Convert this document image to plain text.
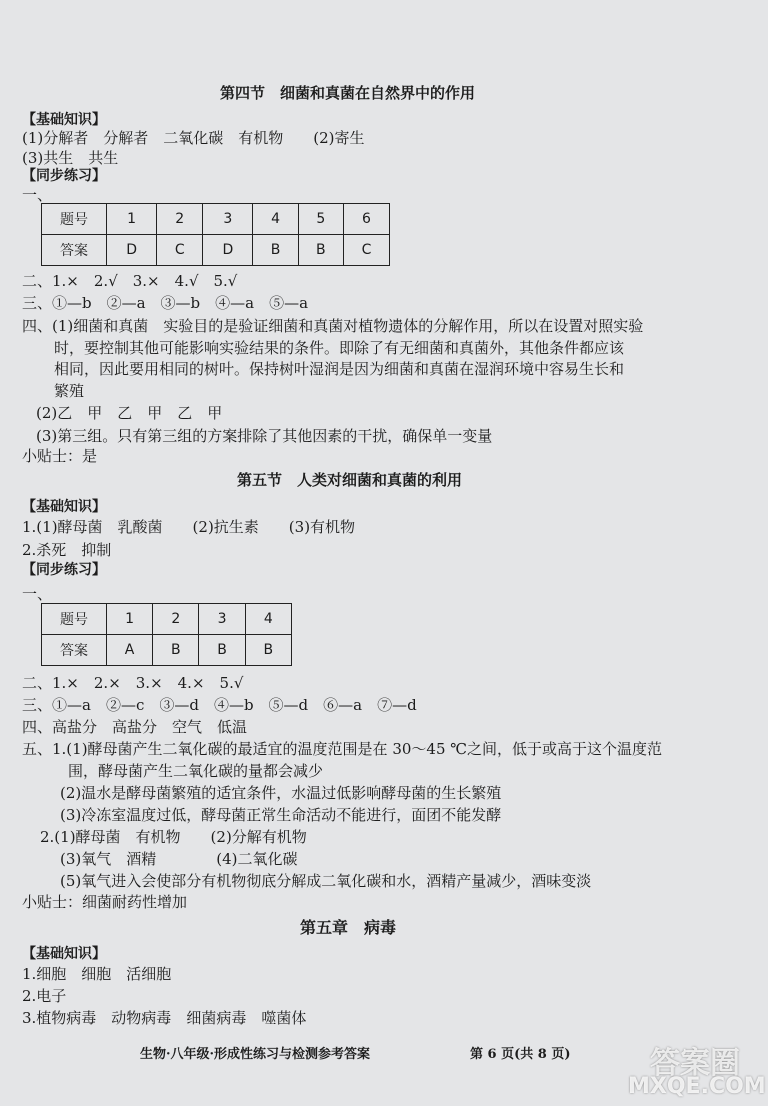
第四节　细菌和真菌在自然界中的作用
【基础知识】
(1)分解者　分解者　二氧化碳　有机物　　(2)寄生
(3)共生　共生
【同步练习】
一、
题号	1	2	3	4	5	6
答案	D	C	D	B	B	C
二、1.×　2.√　3.×　4.√　5.√
三、①—b　②—a　③—b　④—a　⑤—a
四、(1)细菌和真菌　实验目的是验证细菌和真菌对植物遗体的分解作用，所以在设置对照实验
时，要控制其他可能影响实验结果的条件。即除了有无细菌和真菌外，其他条件都应该
相同，因此要用相同的树叶。保持树叶湿润是因为细菌和真菌在湿润环境中容易生长和
繁殖
(2)乙　甲　乙　甲　乙　甲
(3)第三组。只有第三组的方案排除了其他因素的干扰，确保单一变量
小贴士：是
第五节　人类对细菌和真菌的利用
【基础知识】
1.(1)酵母菌　乳酸菌　　(2)抗生素　　(3)有机物
2.杀死　抑制
【同步练习】
一、
题号	1	2	3	4
答案	A	B	B	B
二、1.×　2.×　3.×　4.×　5.√
三、①—a　②—c　③—d　④—b　⑤—d　⑥—a　⑦—d
四、高盐分　高盐分　空气　低温
五、1.(1)酵母菌产生二氧化碳的最适宜的温度范围是在 30～45 ℃之间，低于或高于这个温度范
围，酵母菌产生二氧化碳的量都会减少
(2)温水是酵母菌繁殖的适宜条件，水温过低影响酵母菌的生长繁殖
(3)冷冻室温度过低，酵母菌正常生命活动不能进行，面团不能发酵
2.(1)酵母菌　有机物　　(2)分解有机物
(3)氧气　酒精　　　　(4)二氧化碳
(5)氧气进入会使部分有机物彻底分解成二氧化碳和水，酒精产量减少，酒味变淡
小贴士：细菌耐药性增加
第五章　病毒
【基础知识】
1.细胞　细胞　活细胞
2.电子
3.植物病毒　动物病毒　细菌病毒　噬菌体
生物·八年级·形成性练习与检测参考答案	第 6 页(共 8 页)	答案圈
MXQE.COM
